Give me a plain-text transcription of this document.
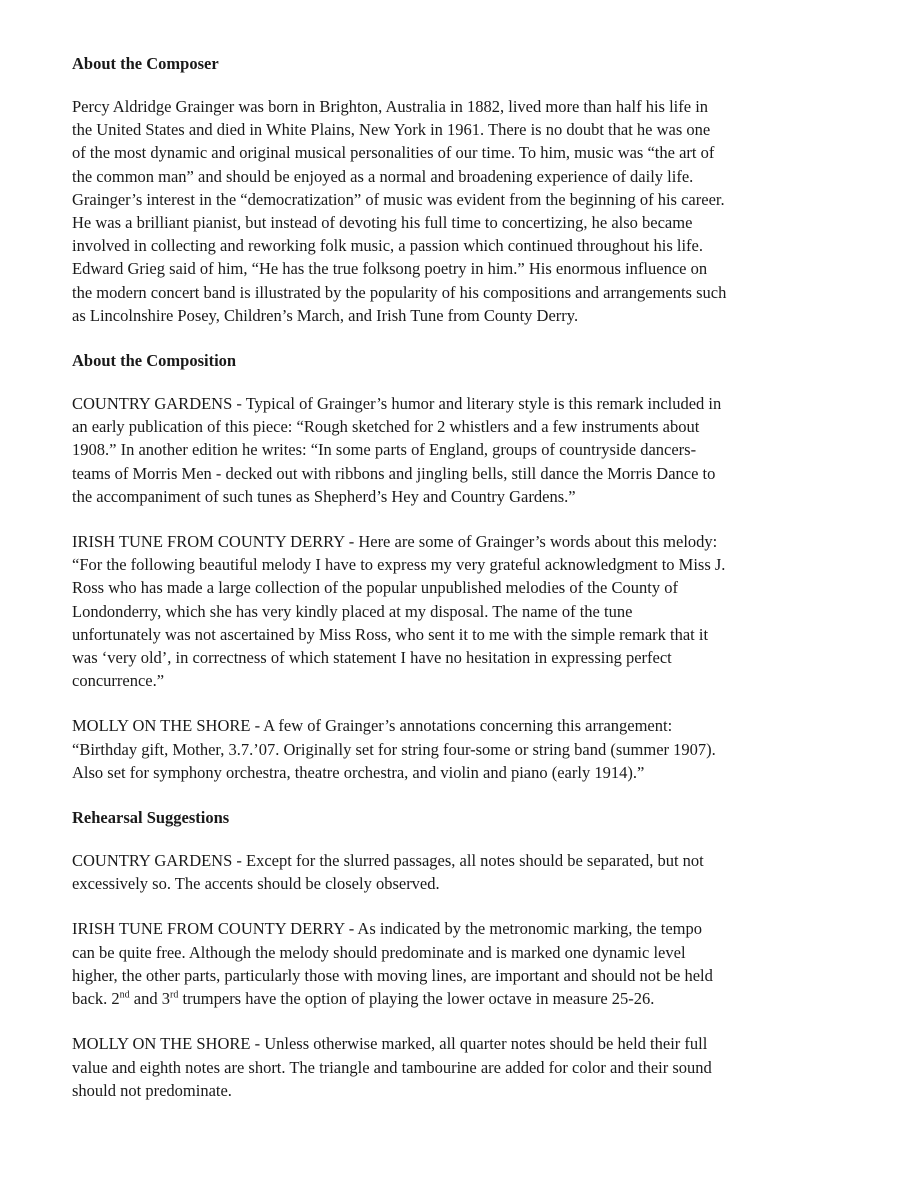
About the Composer
Percy Aldridge Grainger was born in Brighton, Australia in 1882, lived more than half his life in
the United States and died in White Plains, New York in 1961. There is no doubt that he was one
of the most dynamic and original musical personalities of our time. To him, music was “the art of
the common man” and should be enjoyed as a normal and broadening experience of daily life.
Grainger’s interest in the “democratization” of music was evident from the beginning of his career.
He was a brilliant pianist, but instead of devoting his full time to concertizing, he also became
involved in collecting and reworking folk music, a passion which continued throughout his life.
Edward Grieg said of him, “He has the true folksong poetry in him.” His enormous influence on
the modern concert band is illustrated by the popularity of his compositions and arrangements such
as Lincolnshire Posey, Children’s March, and Irish Tune from County Derry.
About the Composition
COUNTRY GARDENS - Typical of Grainger’s humor and literary style is this remark included in
an early publication of this piece: “Rough sketched for 2 whistlers and a few instruments about
1908.” In another edition he writes: “In some parts of England, groups of countryside dancers-
teams of Morris Men - decked out with ribbons and jingling bells, still dance the Morris Dance to
the accompaniment of such tunes as Shepherd’s Hey and Country Gardens.”
IRISH TUNE FROM COUNTY DERRY - Here are some of Grainger’s words about this melody:
“For the following beautiful melody I have to express my very grateful acknowledgment to Miss J.
Ross who has made a large collection of the popular unpublished melodies of the County of
Londonderry, which she has very kindly placed at my disposal. The name of the tune
unfortunately was not ascertained by Miss Ross, who sent it to me with the simple remark that it
was ‘very old’, in correctness of which statement I have no hesitation in expressing perfect
concurrence.”
MOLLY ON THE SHORE - A few of Grainger’s annotations concerning this arrangement:
“Birthday gift, Mother, 3.7.’07. Originally set for string four-some or string band (summer 1907).
Also set for symphony orchestra, theatre orchestra, and violin and piano (early 1914).”
Rehearsal Suggestions
COUNTRY GARDENS - Except for the slurred passages, all notes should be separated, but not
excessively so. The accents should be closely observed.
IRISH TUNE FROM COUNTY DERRY - As indicated by the metronomic marking, the tempo
can be quite free. Although the melody should predominate and is marked one dynamic level
higher, the other parts, particularly those with moving lines, are important and should not be held
back. 2nd and 3rd trumpers have the option of playing the lower octave in measure 25-26.
MOLLY ON THE SHORE - Unless otherwise marked, all quarter notes should be held their full
value and eighth notes are short. The triangle and tambourine are added for color and their sound
should not predominate.
